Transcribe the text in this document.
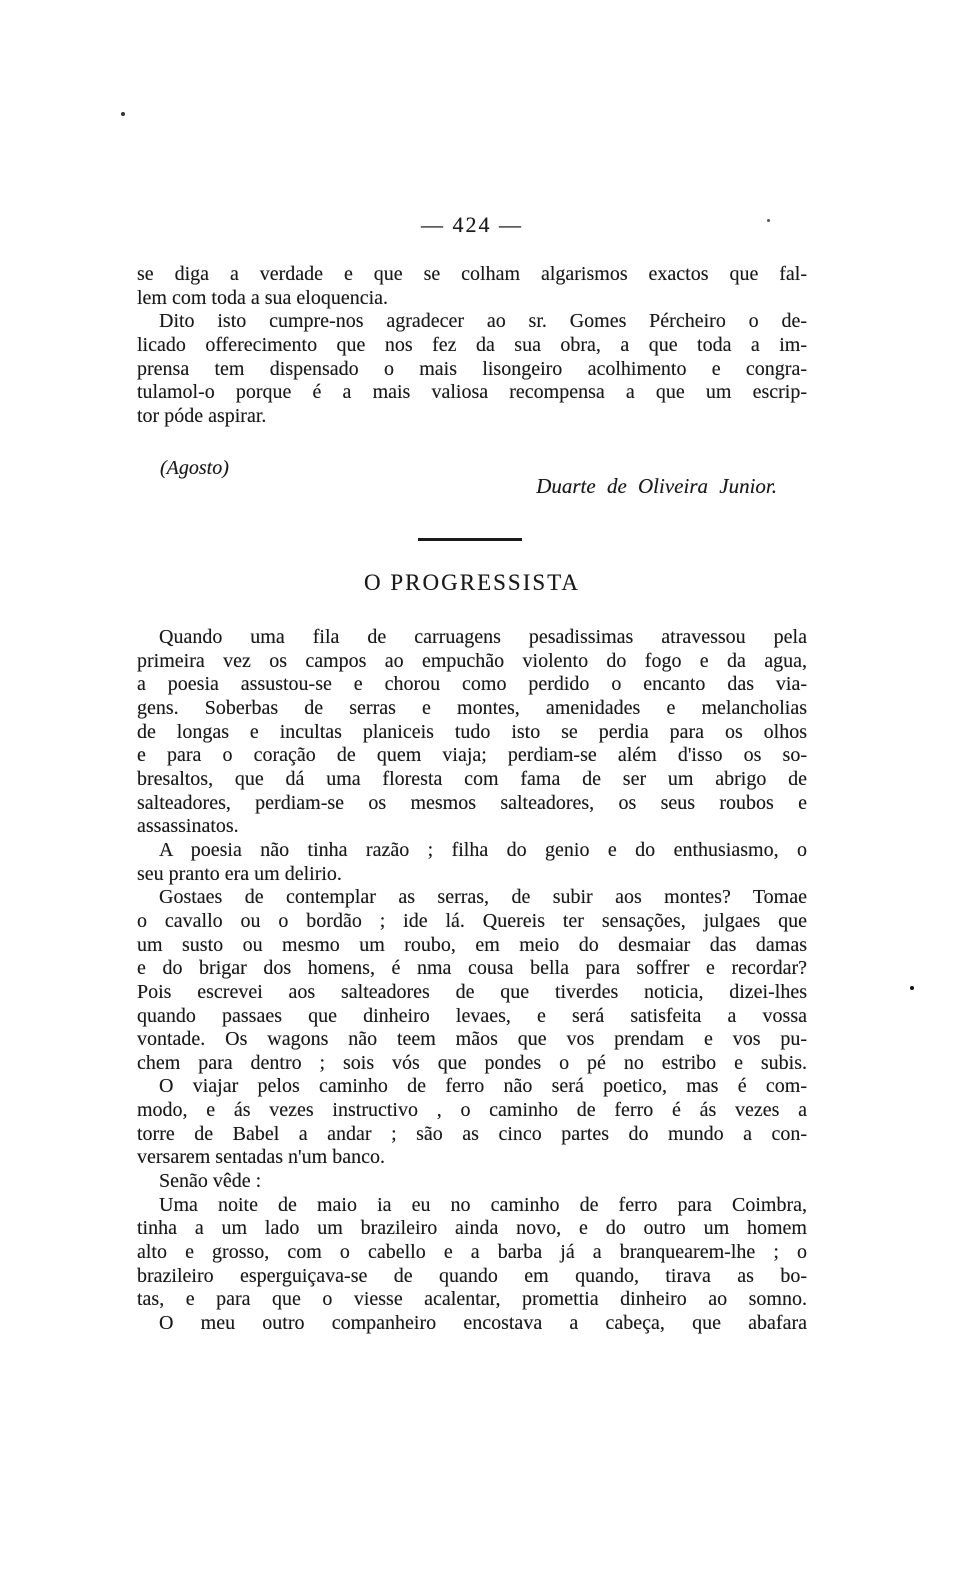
— 424 —
se diga a verdade e que se colham algarismos exactos que fal-
lem com toda a sua eloquencia.
Dito isto cumpre-nos agradecer ao sr. Gomes Pércheiro o de-
licado offerecimento que nos fez da sua obra, a que toda a im-
prensa tem dispensado o mais lisongeiro acolhimento e congra-
tulamol-o porque é a mais valiosa recompensa a que um escrip-
tor póde aspirar.
(Agosto)
Duarte de Oliveira Junior.
O PROGRESSISTA
Quando uma fila de carruagens pesadissimas atravessou pela
primeira vez os campos ao empuchão violento do fogo e da agua,
a poesia assustou-se e chorou como perdido o encanto das via-
gens. Soberbas de serras e montes, amenidades e melancholias
de longas e incultas planiceis tudo isto se perdia para os olhos
e para o coração de quem viaja; perdiam-se além d'isso os so-
bresaltos, que dá uma floresta com fama de ser um abrigo de
salteadores, perdiam-se os mesmos salteadores, os seus roubos e
assassinatos.
A poesia não tinha razão ; filha do genio e do enthusiasmo, o
seu pranto era um delirio.
Gostaes de contemplar as serras, de subir aos montes? Tomae
o cavallo ou o bordão ; ide lá. Quereis ter sensações, julgaes que
um susto ou mesmo um roubo, em meio do desmaiar das damas
e do brigar dos homens, é nma cousa bella para soffrer e recordar?
Pois escrevei aos salteadores de que tiverdes noticia, dizei-lhes
quando passaes que dinheiro levaes, e será satisfeita a vossa
vontade. Os wagons não teem mãos que vos prendam e vos pu-
chem para dentro ; sois vós que pondes o pé no estribo e subis.
O viajar pelos caminho de ferro não será poetico, mas é com-
modo, e ás vezes instructivo , o caminho de ferro é ás vezes a
torre de Babel a andar ; são as cinco partes do mundo a con-
versarem sentadas n'um banco.
Senão vêde :
Uma noite de maio ia eu no caminho de ferro para Coimbra,
tinha a um lado um brazileiro ainda novo, e do outro um homem
alto e grosso, com o cabello e a barba já a branquearem-lhe ; o
brazileiro esperguiçava-se de quando em quando, tirava as bo-
tas, e para que o viesse acalentar, promettia dinheiro ao somno.
O meu outro companheiro encostava a cabeça, que abafara
